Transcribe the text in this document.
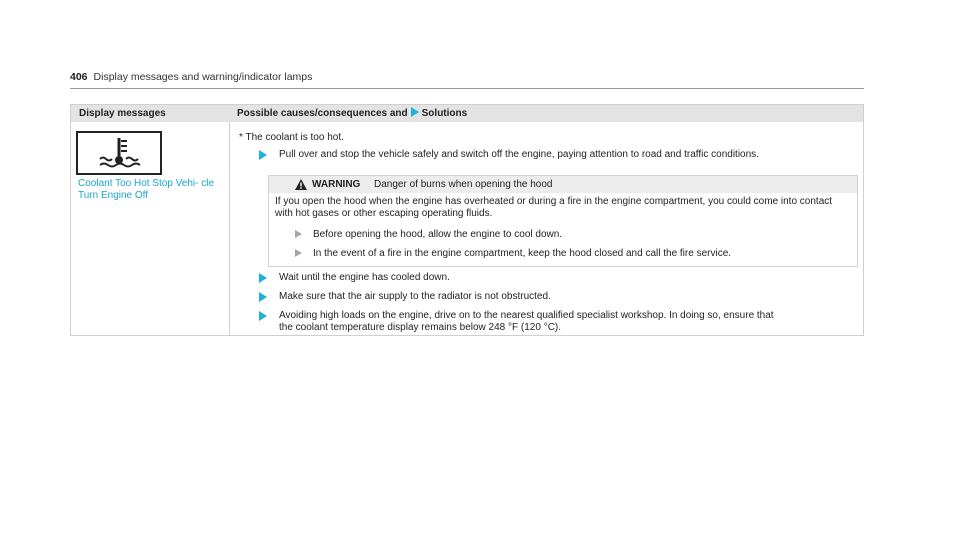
406 Display messages and warning/indicator lamps
Display messages	Possible causes/consequences and Solutions
Coolant Too Hot Stop Vehi- cle Turn Engine Off
* The coolant is too hot.
Pull over and stop the vehicle safely and switch off the engine, paying attention to road and traffic conditions.
WARNING Danger of burns when opening the hood
If you open the hood when the engine has overheated or during a fire in the engine compartment, you could come into contact with hot gases or other escaping operating fluids.
Before opening the hood, allow the engine to cool down.
In the event of a fire in the engine compartment, keep the hood closed and call the fire service.
Wait until the engine has cooled down.
Make sure that the air supply to the radiator is not obstructed.
Avoiding high loads on the engine, drive on to the nearest qualified specialist workshop. In doing so, ensure that
the coolant temperature display remains below 248 °F (120 °C).
